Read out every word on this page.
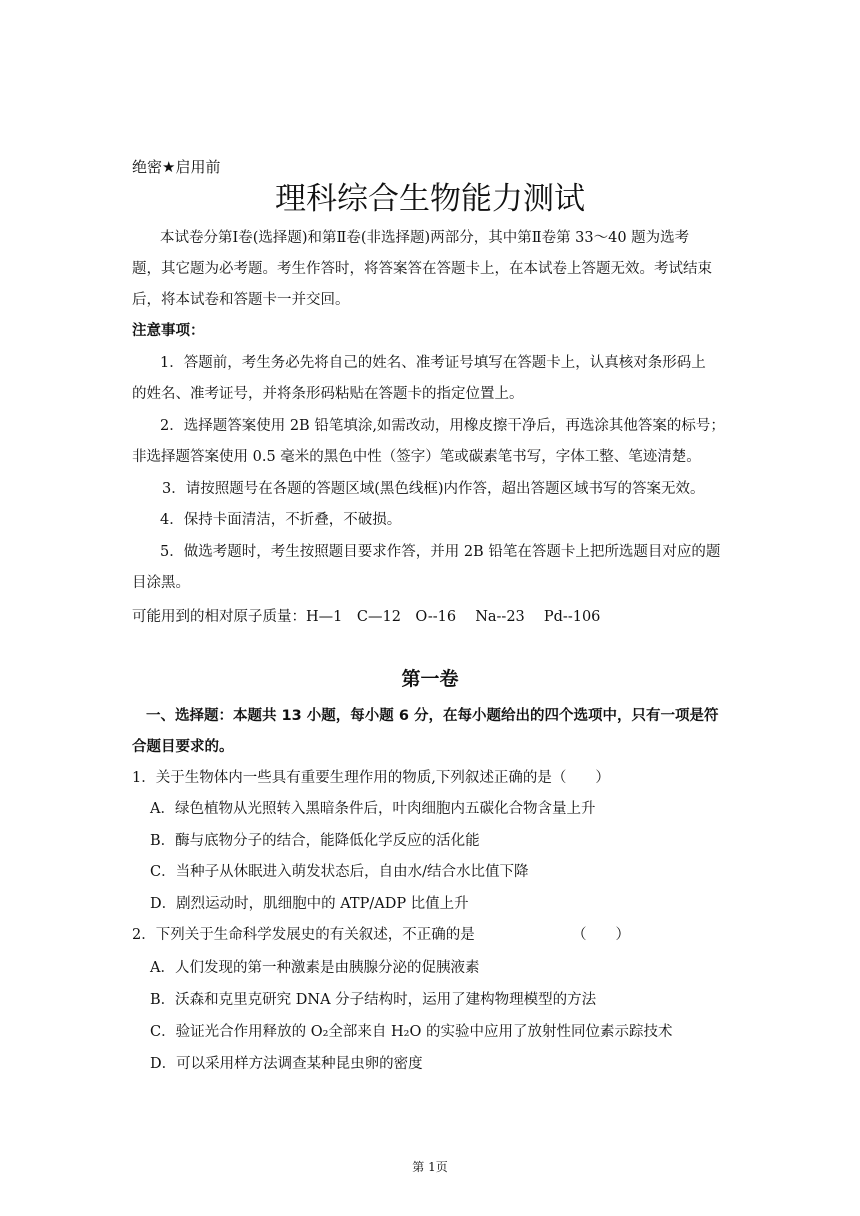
绝密★启用前
理科综合生物能力测试
本试卷分第Ⅰ卷(选择题)和第Ⅱ卷(非选择题)两部分，其中第Ⅱ卷第 33～40 题为选考
题，其它题为必考题。考生作答时，将答案答在答题卡上，在本试卷上答题无效。考试结束
后，将本试卷和答题卡一并交回。
注意事项：
1．答题前，考生务必先将自己的姓名、准考证号填写在答题卡上，认真核对条形码上
的姓名、准考证号，并将条形码粘贴在答题卡的指定位置上。
2．选择题答案使用 2B 铅笔填涂,如需改动，用橡皮擦干净后，再选涂其他答案的标号；
非选择题答案使用 0.5 毫米的黑色中性（签字）笔或碳素笔书写，字体工整、笔迹清楚。
3．请按照题号在各题的答题区域(黑色线框)内作答，超出答题区域书写的答案无效。
4．保持卡面清洁，不折叠，不破损。
5．做选考题时，考生按照题目要求作答，并用 2B 铅笔在答题卡上把所选题目对应的题
目涂黑。
可能用到的相对原子质量：H—1　C—12　O--16　 Na--23　 Pd--106
第一卷
一、选择题：本题共 13 小题，每小题 6 分，在每小题给出的四个选项中，只有一项是符
合题目要求的。
1．关于生物体内一些具有重要生理作用的物质,下列叙述正确的是（　　）
A．绿色植物从光照转入黑暗条件后，叶肉细胞内五碳化合物含量上升
B．酶与底物分子的结合，能降低化学反应的活化能
C．当种子从休眠进入萌发状态后，自由水/结合水比值下降
D．剧烈运动时，肌细胞中的 ATP/ADP 比值上升
2．下列关于生命科学发展史的有关叙述，不正确的是	（　　）
A．人们发现的第一种激素是由胰腺分泌的促胰液素
B．沃森和克里克研究 DNA 分子结构时，运用了建构物理模型的方法
C．验证光合作用释放的 O₂全部来自 H₂O 的实验中应用了放射性同位素示踪技术
D．可以采用样方法调查某种昆虫卵的密度
第 1页
